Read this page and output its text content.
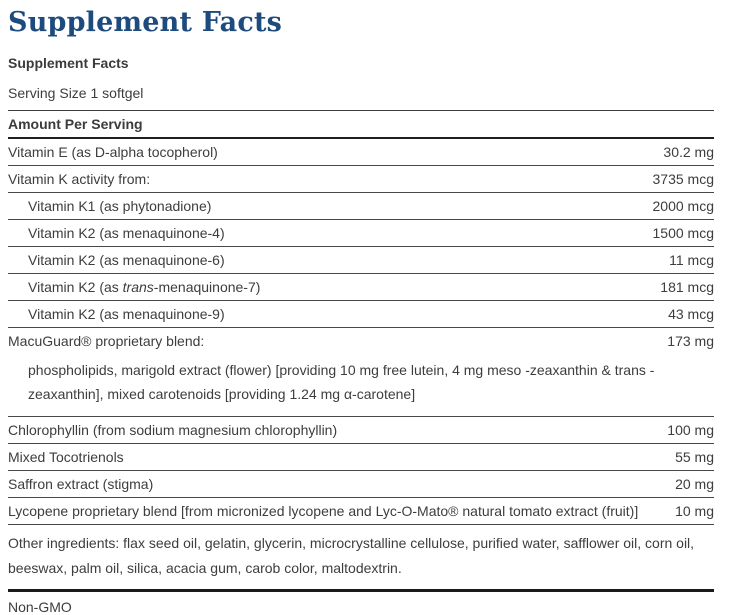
Supplement Facts
Supplement Facts
Serving Size 1 softgel
Amount Per Serving
Vitamin E (as D-alpha tocopherol)	30.2 mg
Vitamin K activity from:	3735 mcg
Vitamin K1 (as phytonadione)	2000 mcg
Vitamin K2 (as menaquinone-4)	1500 mcg
Vitamin K2 (as menaquinone-6)	11 mcg
Vitamin K2 (as trans-menaquinone-7)	181 mcg
Vitamin K2 (as menaquinone-9)	43 mcg
MacuGuard® proprietary blend:	173 mg
phospholipids, marigold extract (flower) [providing 10 mg free lutein, 4 mg meso -zeaxanthin & trans - zeaxanthin], mixed carotenoids [providing 1.24 mg α-carotene]
Chlorophyllin (from sodium magnesium chlorophyllin)	100 mg
Mixed Tocotrienols	55 mg
Saffron extract (stigma)	20 mg
Lycopene proprietary blend [from micronized lycopene and Lyc-O-Mato® natural tomato extract (fruit)]	10 mg
Other ingredients: flax seed oil, gelatin, glycerin, microcrystalline cellulose, purified water, safflower oil, corn oil, beeswax, palm oil, silica, acacia gum, carob color, maltodextrin.
Non-GMO
